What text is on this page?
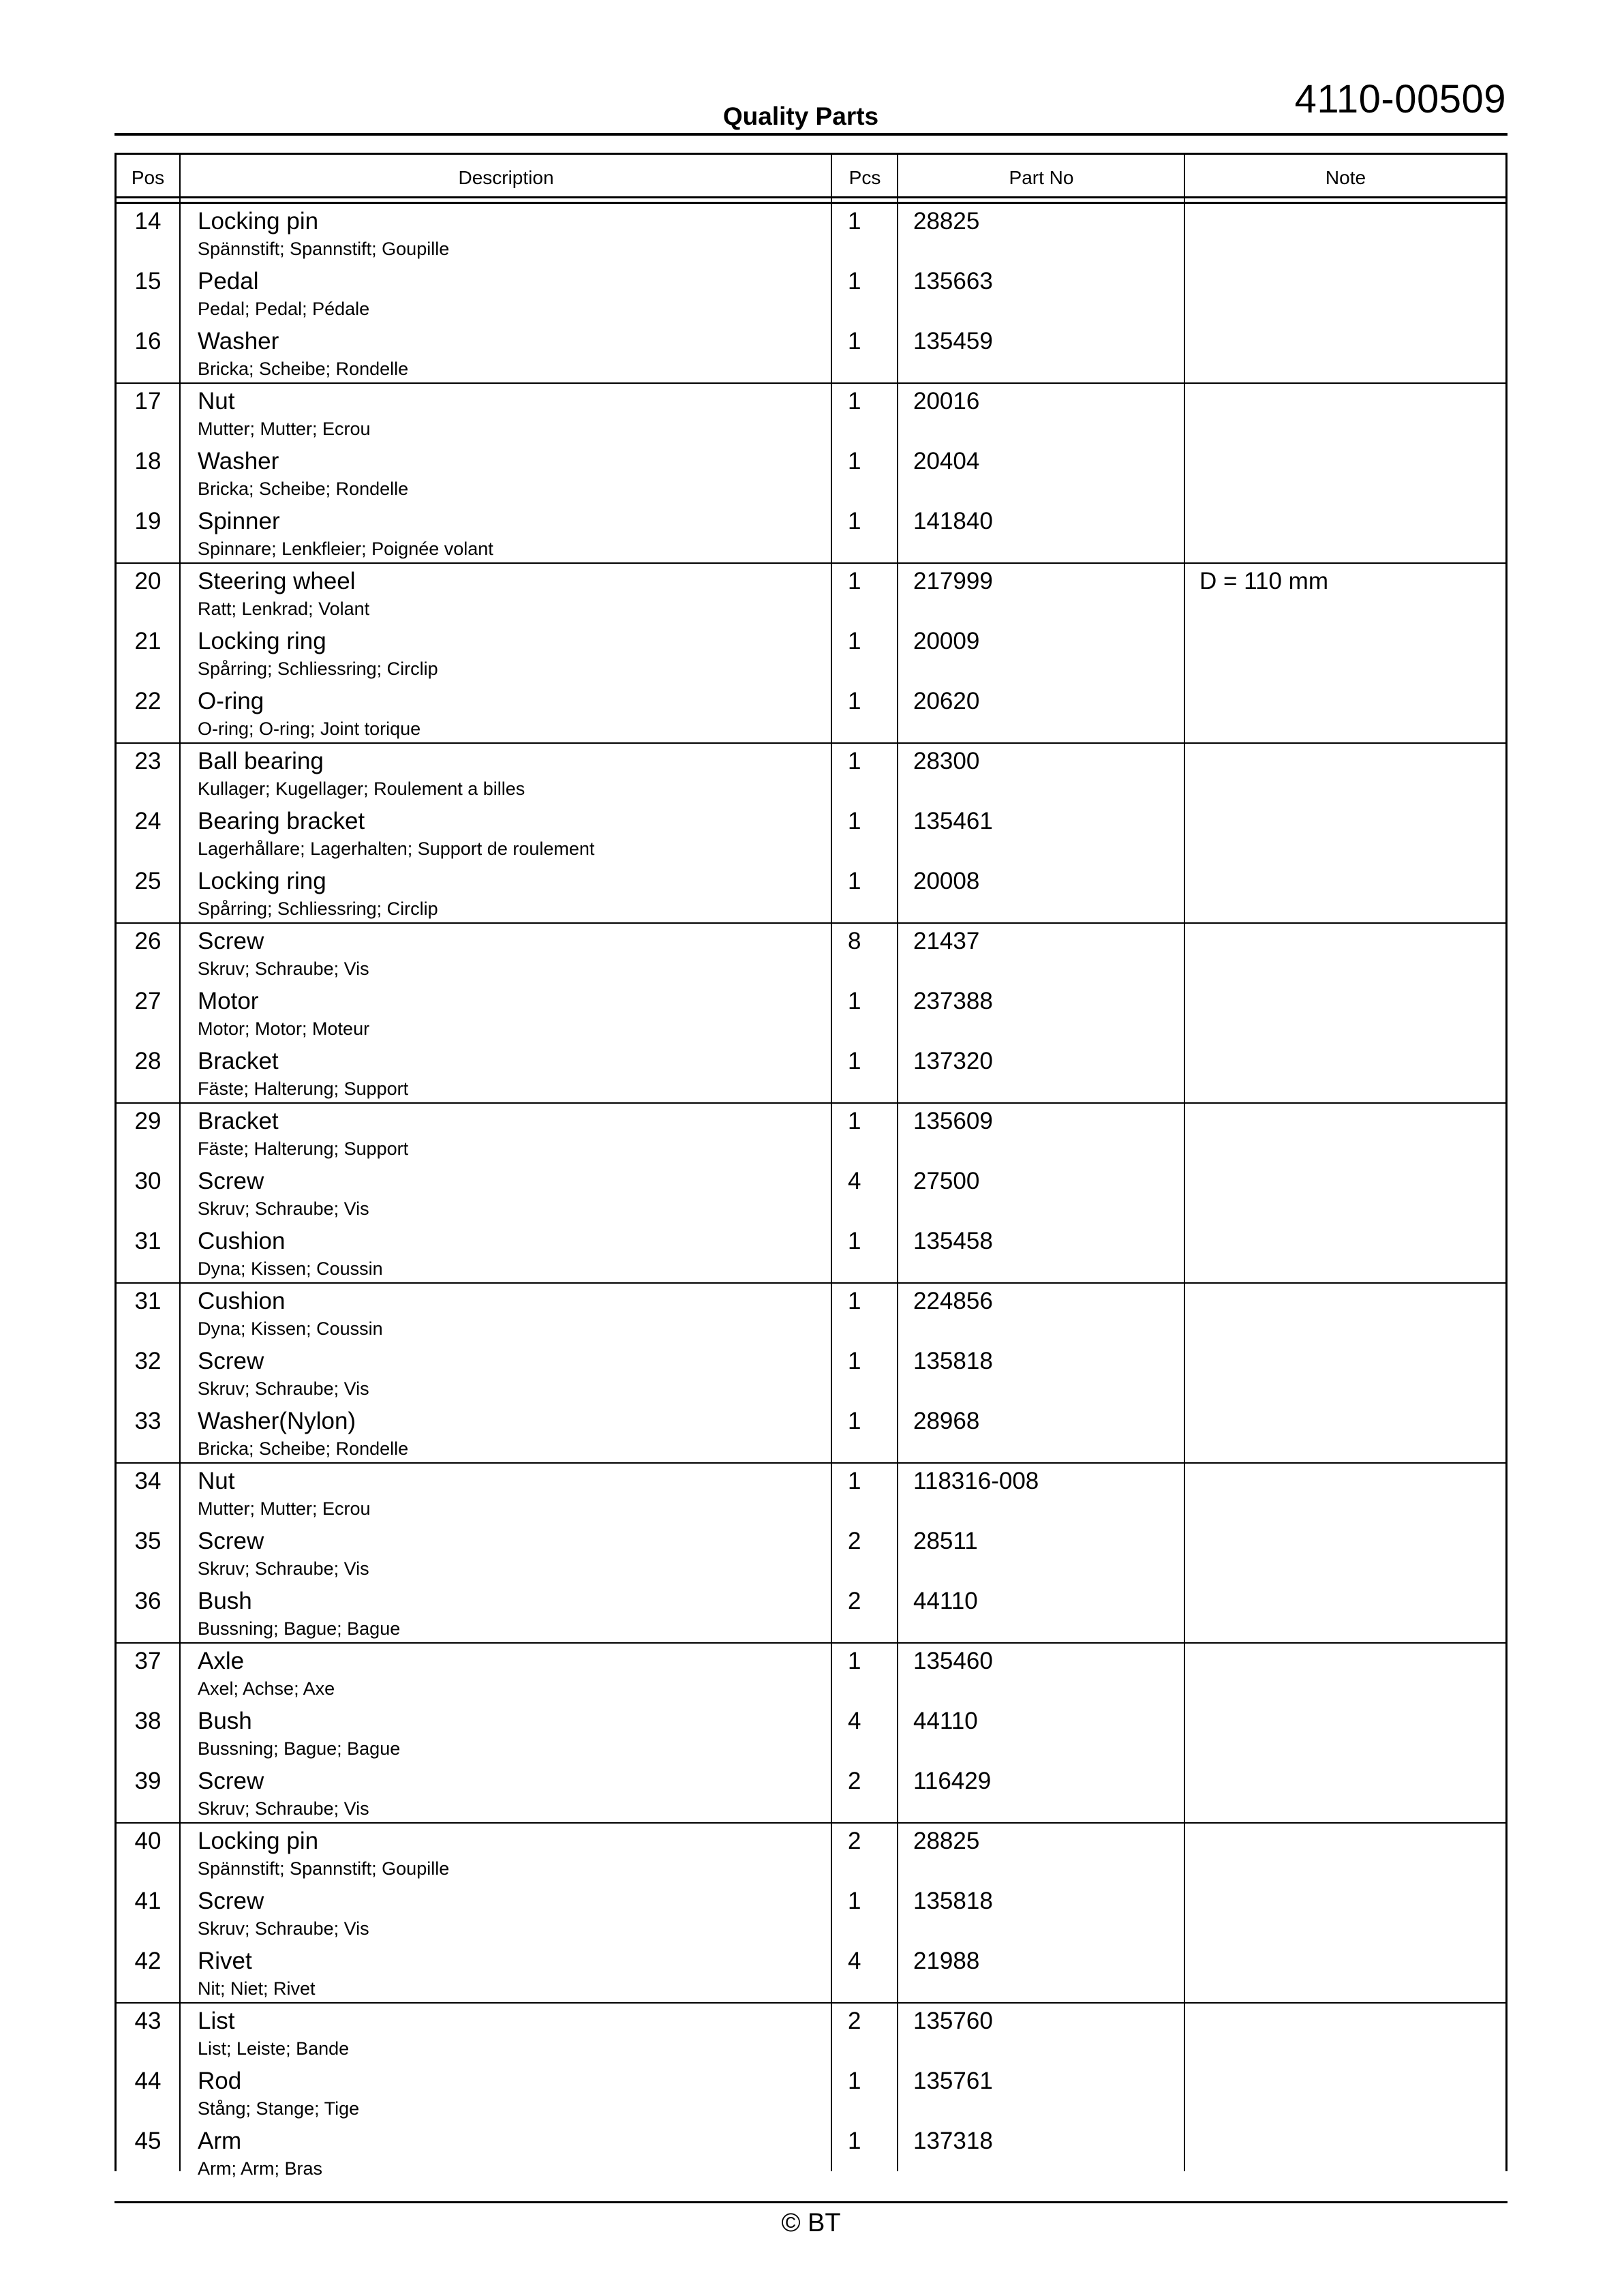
4110-00509
Quality Parts
Pos	Description	Pcs	Part No	Note
14	Locking pin
Spännstift; Spannstift; Goupille
1 28825
15	Pedal
Pedal; Pedal; Pédale
1 135663
16	Washer
Bricka; Scheibe; Rondelle
1 135459
17	Nut
Mutter; Mutter; Ecrou
1 20016
18	Washer
Bricka; Scheibe; Rondelle
1 20404
19	Spinner
Spinnare; Lenkfleier; Poignée volant
1 141840
20	Steering wheel
Ratt; Lenkrad; Volant
1 217999	D = 110 mm
21	Locking ring
Spårring; Schliessring; Circlip
1 20009
22	O-ring
O-ring; O-ring; Joint torique
1 20620
23	Ball bearing
Kullager; Kugellager; Roulement a billes
1 28300
24	Bearing bracket
Lagerhållare; Lagerhalten; Support de roulement
1 135461
25	Locking ring
Spårring; Schliessring; Circlip
1 20008
26	Screw
Skruv; Schraube; Vis
8 21437
27	Motor
Motor; Motor; Moteur
1 237388
28	Bracket
Fäste; Halterung; Support
1 137320
29	Bracket
Fäste; Halterung; Support
1 135609
30	Screw
Skruv; Schraube; Vis
4 27500
31	Cushion
Dyna; Kissen; Coussin
1 135458
31	Cushion
Dyna; Kissen; Coussin
1 224856
32	Screw
Skruv; Schraube; Vis
1 135818
33	Washer(Nylon)
Bricka; Scheibe; Rondelle
1 28968
34	Nut
Mutter; Mutter; Ecrou
1 118316-008
35	Screw
Skruv; Schraube; Vis
2 28511
36	Bush
Bussning; Bague; Bague
2 44110
37	Axle
Axel; Achse; Axe
1 135460
38	Bush
Bussning; Bague; Bague
4 44110
39	Screw
Skruv; Schraube; Vis
2 116429
40	Locking pin
Spännstift; Spannstift; Goupille
2 28825
41	Screw
Skruv; Schraube; Vis
1 135818
42	Rivet
Nit; Niet; Rivet
4 21988
43	List
List; Leiste; Bande
2 135760
44	Rod
Stång; Stange; Tige
1 135761
45	Arm
Arm; Arm; Bras
1 137318
© BT
